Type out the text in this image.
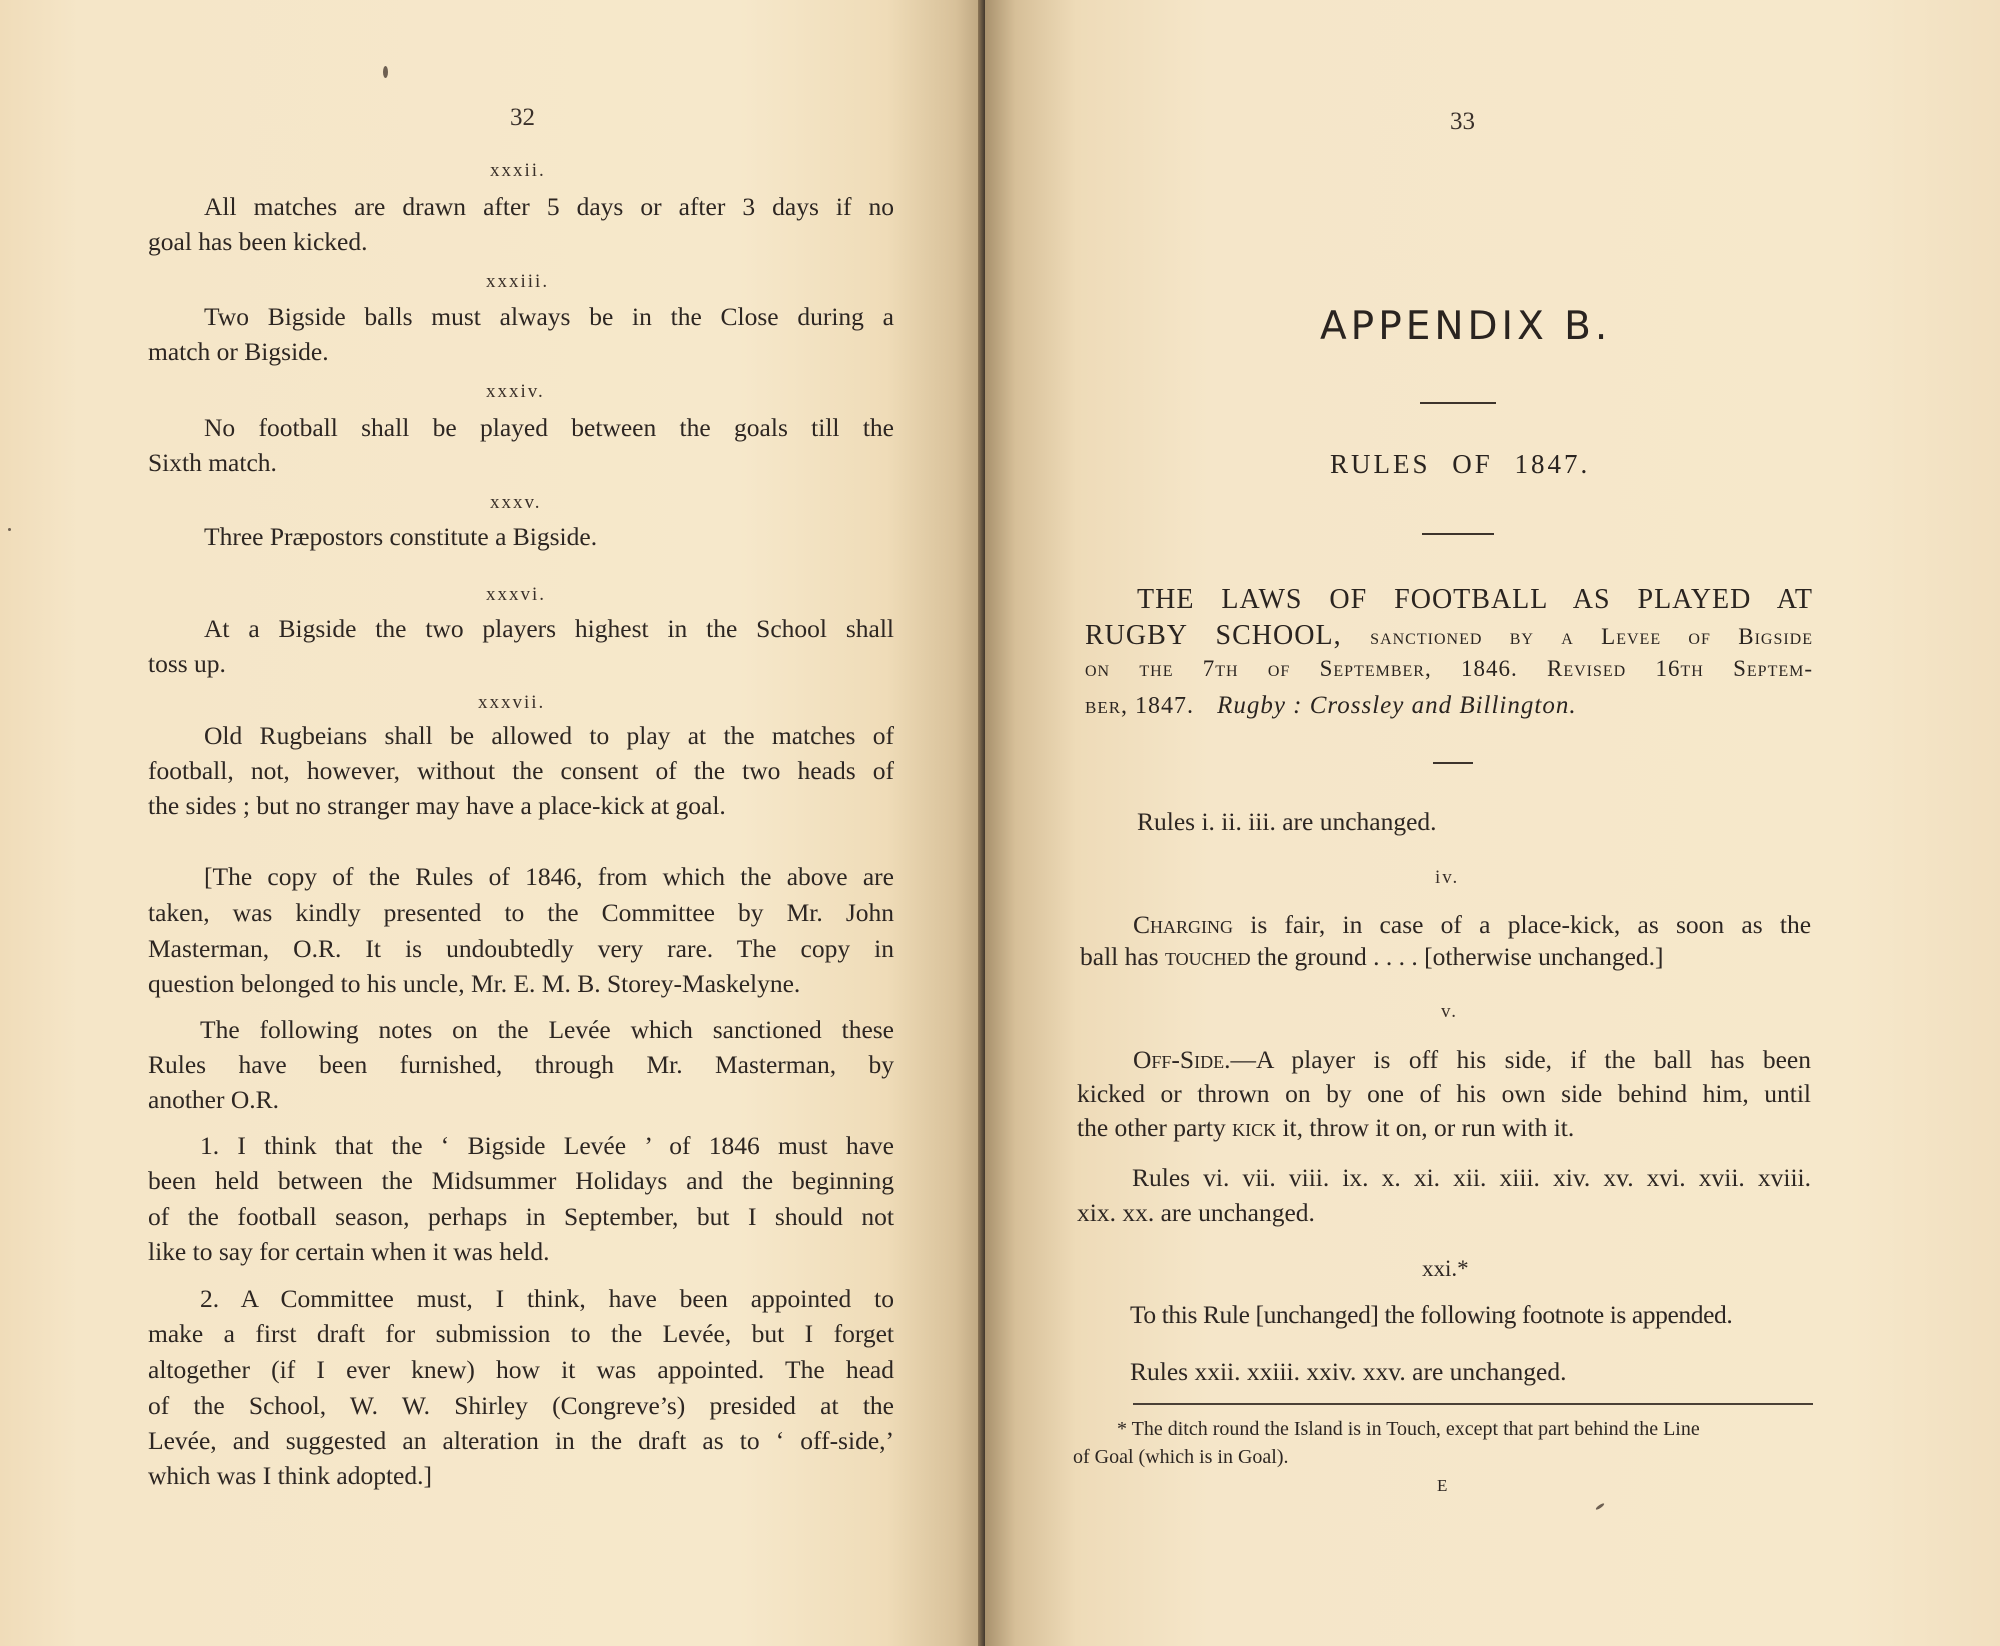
32
xxxii.
All matches are drawn after 5 days or after 3 days if no
goal has been kicked.
xxxiii.
Two Bigside balls must always be in the Close during a
match or Bigside.
xxxiv.
No football shall be played between the goals till the
Sixth match.
xxxv.
Three Præpostors constitute a Bigside.
xxxvi.
At a Bigside the two players highest in the School shall
toss up.
xxxvii.
Old Rugbeians shall be allowed to play at the matches of
football, not, however, without the consent of the two heads of
the sides ; but no stranger may have a place-kick at goal.
[The copy of the Rules of 1846, from which the above are
taken, was kindly presented to the Committee by Mr. John
Masterman, O.R. It is undoubtedly very rare. The copy in
question belonged to his uncle, Mr. E. M. B. Storey-Maskelyne.
The following notes on the Levée which sanctioned these
Rules have been furnished, through Mr. Masterman, by
another O.R.
1. I think that the ‘ Bigside Levée ’ of 1846 must have
been held between the Midsummer Holidays and the beginning
of the football season, perhaps in September, but I should not
like to say for certain when it was held.
2. A Committee must, I think, have been appointed to
make a first draft for submission to the Levée, but I forget
altogether (if I ever knew) how it was appointed. The head
of the School, W. W. Shirley (Congreve’s) presided at the
Levée, and suggested an alteration in the draft as to ‘ off-side,’
which was I think adopted.]
33
APPENDIX B.
RULES OF 1847.
THE LAWS OF FOOTBALL AS PLAYED AT
RUGBY SCHOOL, sanctioned by a Levee of Bigside
on the 7th of September, 1846. Revised 16th Septem-
ber, 1847. Rugby : Crossley and Billington.
Rules i. ii. iii. are unchanged.
iv.
Charging is fair, in case of a place-kick, as soon as the
ball has touched the ground . . . . [otherwise unchanged.]
v.
Off-Side.—A player is off his side, if the ball has been
kicked or thrown on by one of his own side behind him, until
the other party kick it, throw it on, or run with it.
Rules vi. vii. viii. ix. x. xi. xii. xiii. xiv. xv. xvi. xvii. xviii.
xix. xx. are unchanged.
xxi.*
To this Rule [unchanged] the following footnote is appended.
Rules xxii. xxiii. xxiv. xxv. are unchanged.
* The ditch round the Island is in Touch, except that part behind the Line
of Goal (which is in Goal).
E
